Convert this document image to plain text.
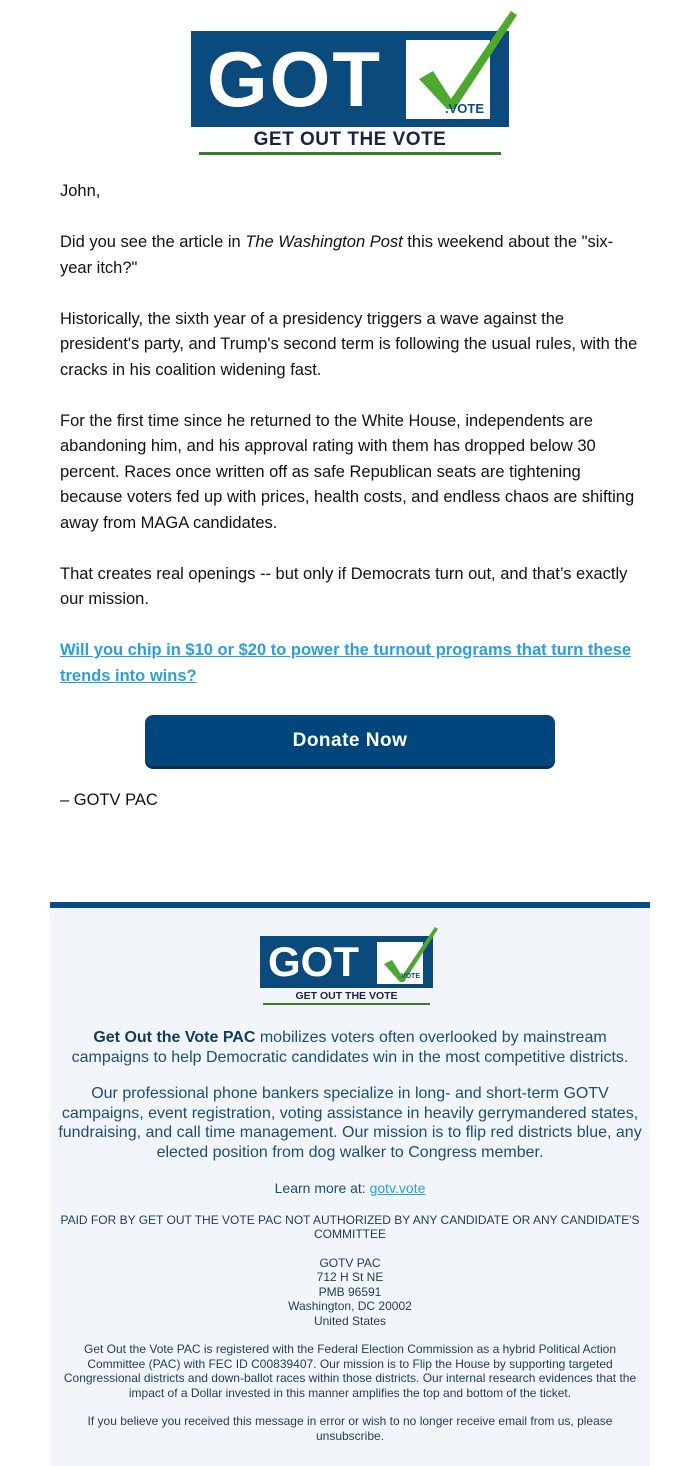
GOT	.VOTE
GET OUT THE VOTE

John,

Did you see the article in The Washington Post this weekend about the "six-year itch?"

Historically, the sixth year of a presidency triggers a wave against the president's party, and Trump's second term is following the usual rules, with the cracks in his coalition widening fast.

For the first time since he returned to the White House, independents are abandoning him, and his approval rating with them has dropped below 30 percent. Races once written off as safe Republican seats are tightening because voters fed up with prices, health costs, and endless chaos are shifting away from MAGA candidates.

That creates real openings -- but only if Democrats turn out, and that’s exactly our mission.

Will you chip in $10 or $20 to power the turnout programs that turn these trends into wins?

Donate Now
– GOTV PAC
GOT	.VOTE
GET OUT THE VOTE

Get Out the Vote PAC mobilizes voters often overlooked by mainstream campaigns to help Democratic candidates win in the most competitive districts.

Our professional phone bankers specialize in long- and short-term GOTV campaigns, event registration, voting assistance in heavily gerrymandered states, fundraising, and call time management. Our mission is to flip red districts blue, any elected position from dog walker to Congress member.

Learn more at: gotv.vote

PAID FOR BY GET OUT THE VOTE PAC NOT AUTHORIZED BY ANY CANDIDATE OR ANY CANDIDATE'S COMMITTEE

GOTV PAC
712 H St NE
PMB 96591
Washington, DC 20002
United States

Get Out the Vote PAC is registered with the Federal Election Commission as a hybrid Political Action Committee (PAC) with FEC ID C00839407. Our mission is to Flip the House by supporting targeted Congressional districts and down-ballot races within those districts. Our internal research evidences that the impact of a Dollar invested in this manner amplifies the top and bottom of the ticket.

If you believe you received this message in error or wish to no longer receive email from us, please unsubscribe.
